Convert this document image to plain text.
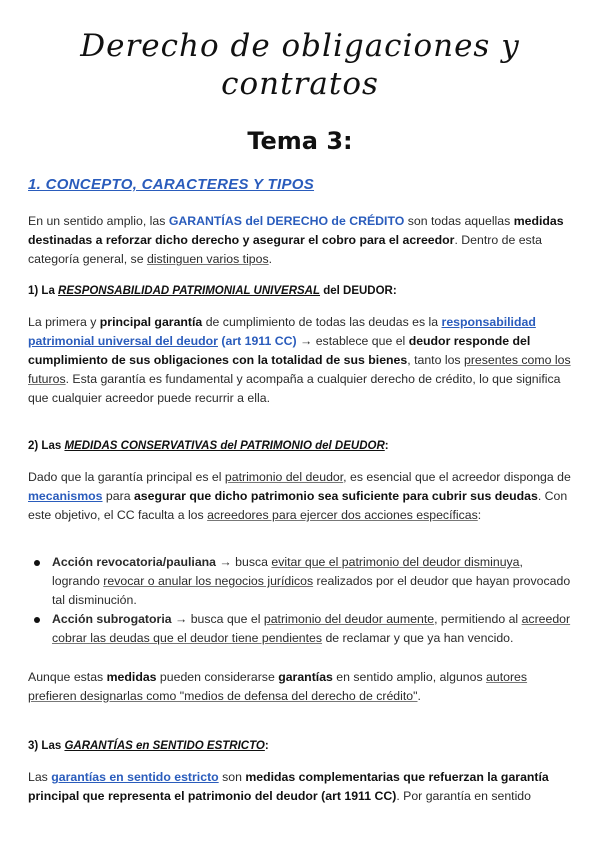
Derecho de obligaciones y
contratos
Tema 3:
1. CONCEPTO, CARACTERES Y TIPOS
En un sentido amplio, las GARANTÍAS del DERECHO de CRÉDITO son todas aquellas medidas destinadas a reforzar dicho derecho y asegurar el cobro para el acreedor. Dentro de esta categoría general, se distinguen varios tipos.
1) La RESPONSABILIDAD PATRIMONIAL UNIVERSAL del DEUDOR:
La primera y principal garantía de cumplimiento de todas las deudas es la responsabilidad patrimonial universal del deudor (art 1911 CC) → establece que el deudor responde del cumplimiento de sus obligaciones con la totalidad de sus bienes, tanto los presentes como los futuros. Esta garantía es fundamental y acompaña a cualquier derecho de crédito, lo que significa que cualquier acreedor puede recurrir a ella.
2) Las MEDIDAS CONSERVATIVAS del PATRIMONIO del DEUDOR:
Dado que la garantía principal es el patrimonio del deudor, es esencial que el acreedor disponga de mecanismos para asegurar que dicho patrimonio sea suficiente para cubrir sus deudas. Con este objetivo, el CC faculta a los acreedores para ejercer dos acciones específicas:
Acción revocatoria/pauliana → busca evitar que el patrimonio del deudor disminuya, logrando revocar o anular los negocios jurídicos realizados por el deudor que hayan provocado tal disminución.
Acción subrogatoria → busca que el patrimonio del deudor aumente, permitiendo al acreedor cobrar las deudas que el deudor tiene pendientes de reclamar y que ya han vencido.
Aunque estas medidas pueden considerarse garantías en sentido amplio, algunos autores prefieren designarlas como "medios de defensa del derecho de crédito".
3) Las GARANTÍAS en SENTIDO ESTRICTO:
Las garantías en sentido estricto son medidas complementarias que refuerzan la garantía principal que representa el patrimonio del deudor (art 1911 CC). Por garantía en sentido
